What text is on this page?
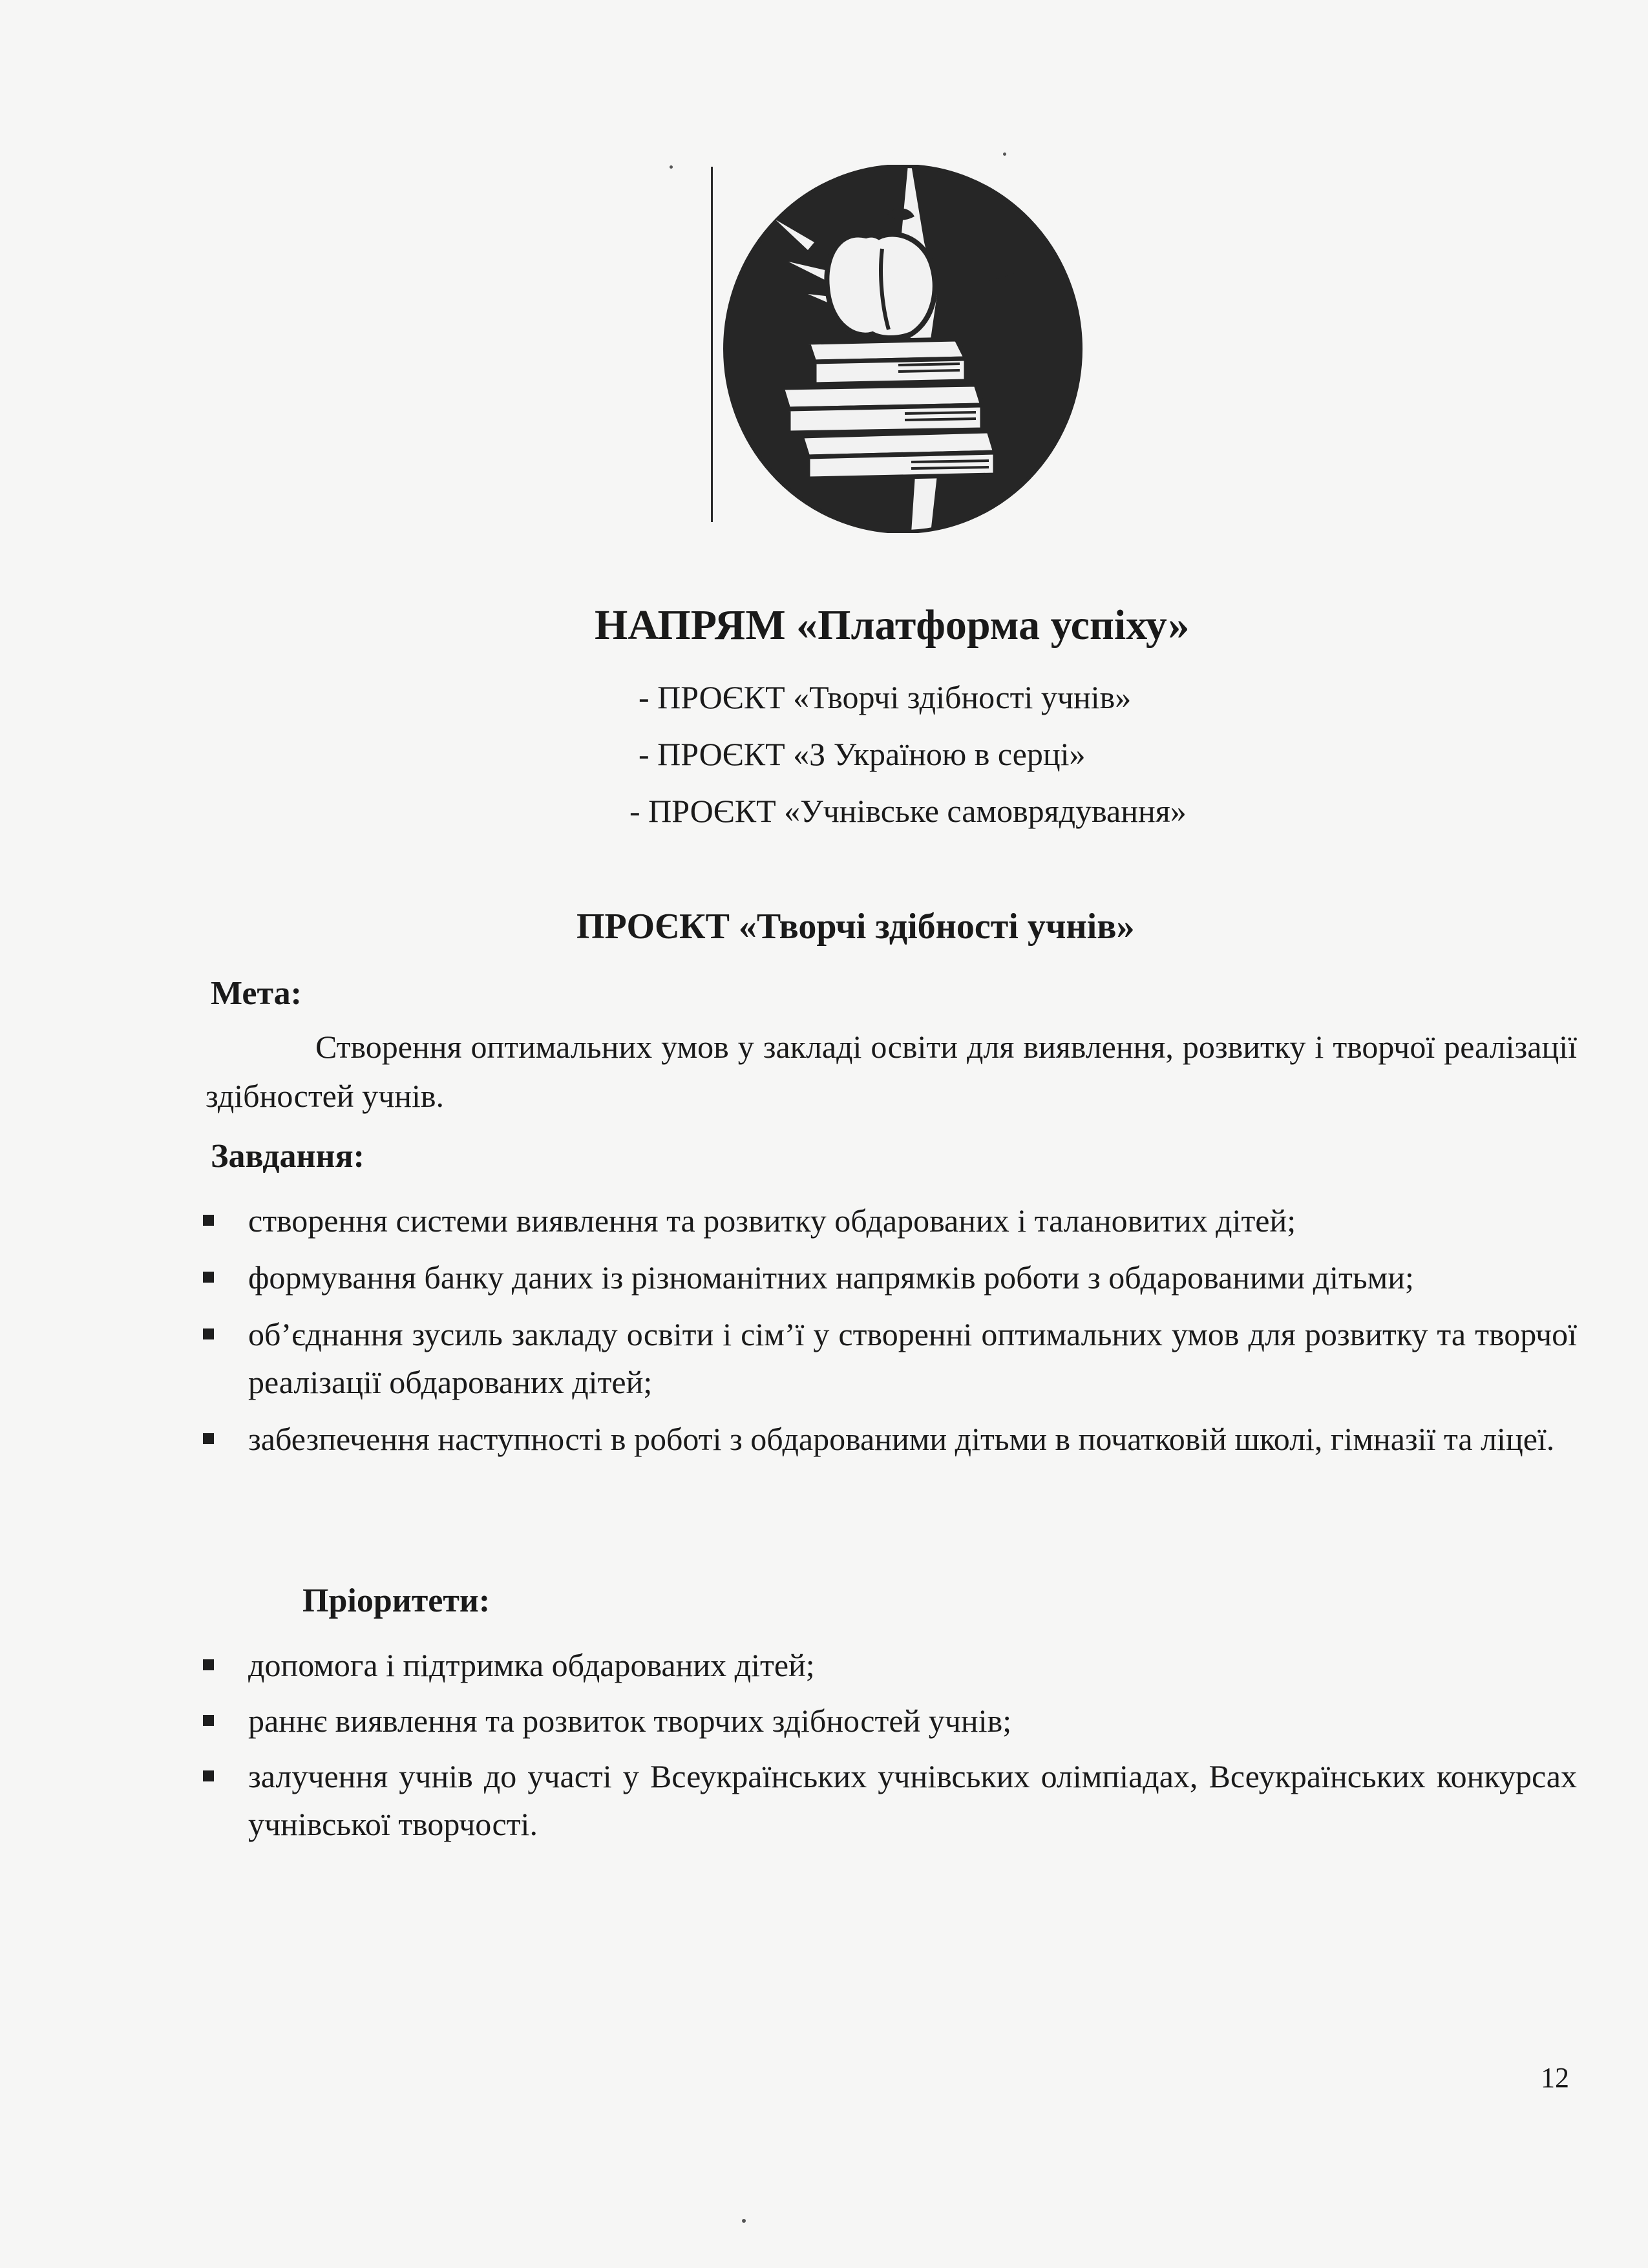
НАПРЯМ «Платформа успіху»
- ПРОЄКТ «Творчі здібності учнів»
- ПРОЄКТ «З Україною в серці»
- ПРОЄКТ «Учнівське самоврядування»
ПРОЄКТ «Творчі здібності учнів»
Мета:
Створення оптимальних умов у закладі освіти для виявлення, розвитку і творчої реалізації здібностей учнів.
Завдання:
створення системи виявлення та розвитку обдарованих і талановитих дітей;
формування банку даних із різноманітних напрямків роботи з обдарованими дітьми;
об’єднання зусиль закладу освіти і сім’ї у створенні оптимальних умов для розвитку та творчої реалізації обдарованих дітей;
забезпечення наступності в роботі з обдарованими дітьми в початковій школі, гімназії та ліцеї.
Пріоритети:
допомога і підтримка обдарованих дітей;
раннє виявлення та розвиток творчих здібностей учнів;
залучення учнів до участі у Всеукраїнських учнівських олімпіадах, Всеукраїнських конкурсах учнівської творчості.
12
